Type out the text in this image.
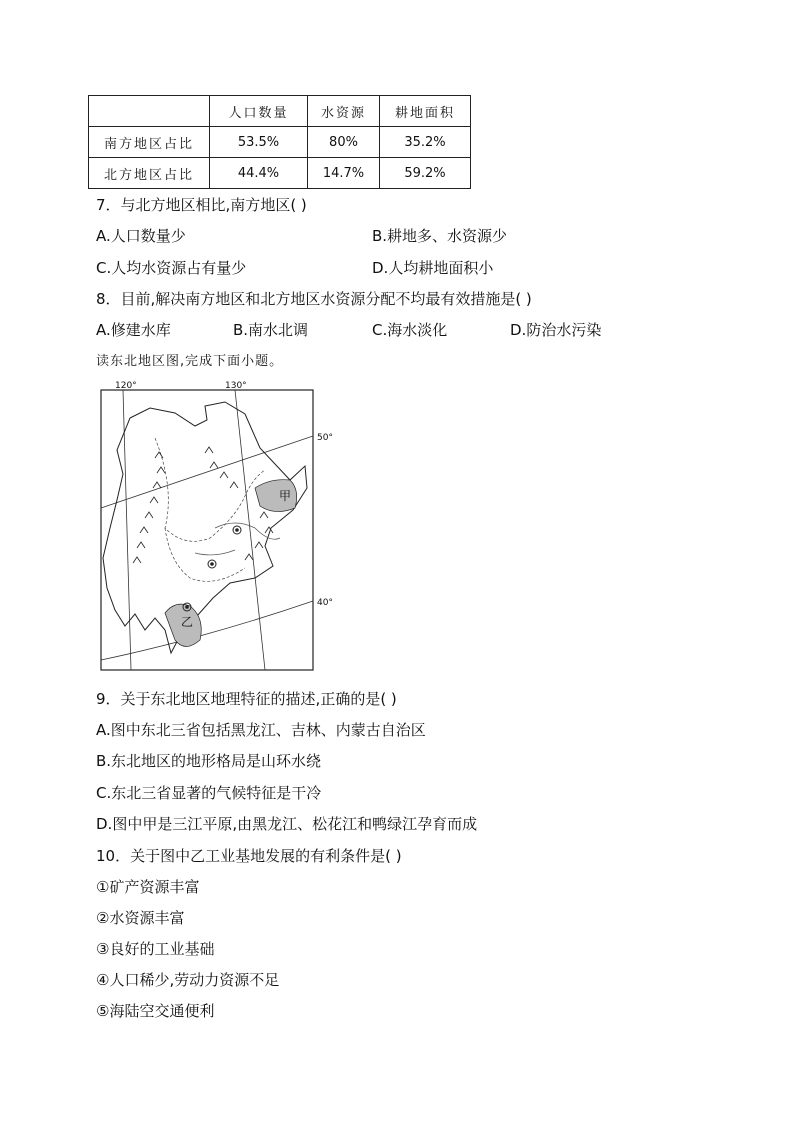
	人口数量	水资源	耕地面积
南方地区占比	53.5%	80%	35.2%
北方地区占比	44.4%	14.7%	59.2%
7．与北方地区相比,南方地区( )
A.人口数量少	B.耕地多、水资源少
C.人均水资源占有量少	D.人均耕地面积小
8．目前,解决南方地区和北方地区水资源分配不均最有效措施是( )
A.修建水库	B.南水北调	C.海水淡化	D.防治水污染
读东北地区图,完成下面小题。
甲
乙
120°	130°
50°
40°
9．关于东北地区地理特征的描述,正确的是( )
A.图中东北三省包括黑龙江、吉林、内蒙古自治区
B.东北地区的地形格局是山环水绕
C.东北三省显著的气候特征是干冷
D.图中甲是三江平原,由黑龙江、松花江和鸭绿江孕育而成
10．关于图中乙工业基地发展的有利条件是( )
①矿产资源丰富
②水资源丰富
③良好的工业基础
④人口稀少,劳动力资源不足
⑤海陆空交通便利
